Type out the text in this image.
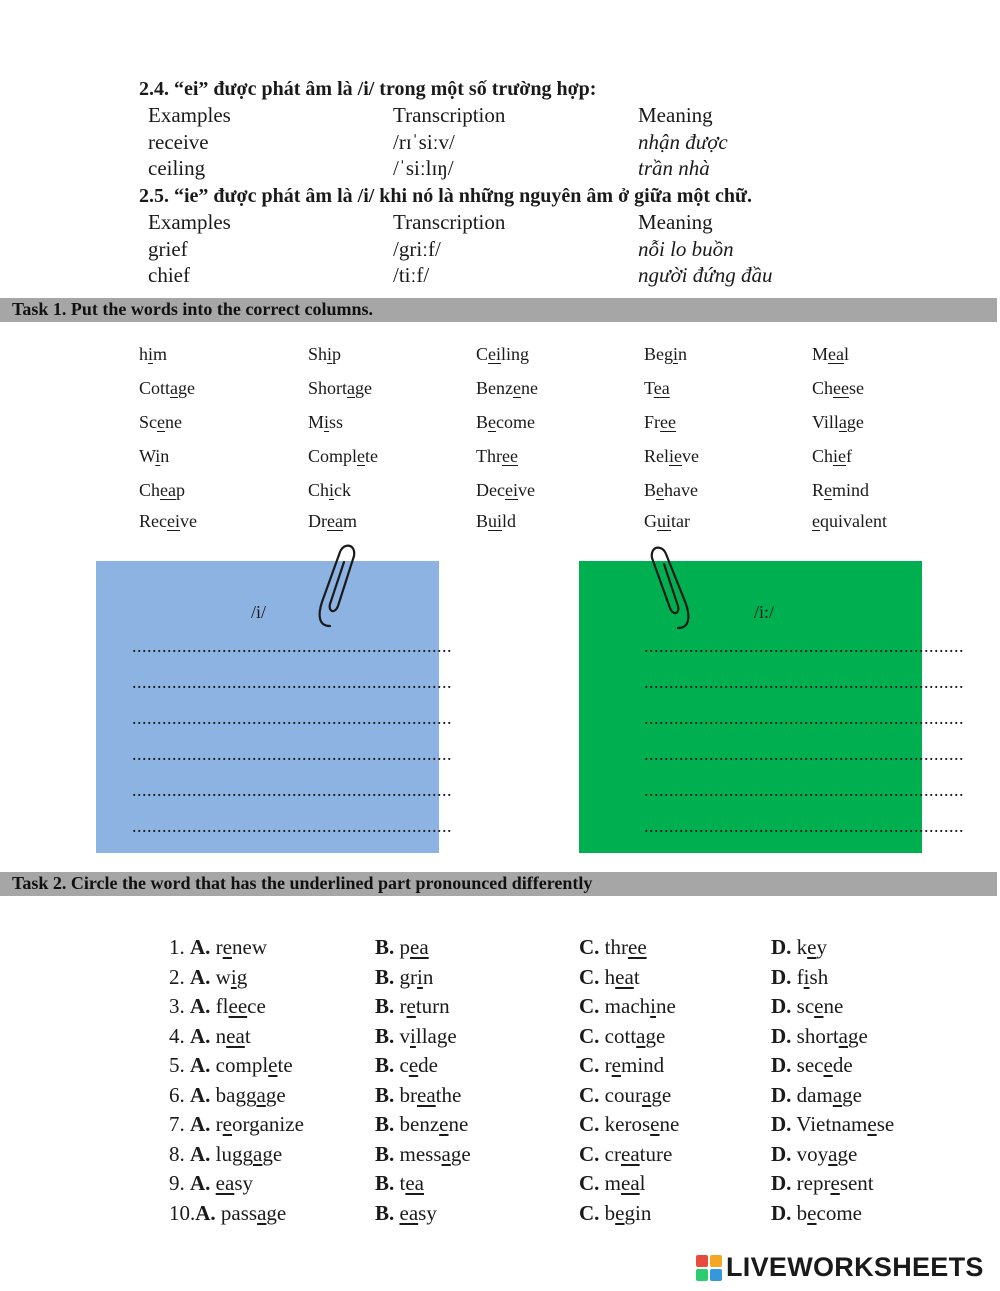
2.4. “ei” được phát âm là /i/ trong một số trường hợp:
Examples	Transcription	Meaning
receive	/rɪˈsiːv/	nhận được
ceiling	/ˈsiːlɪŋ/	trần nhà
2.5. “ie” được phát âm là /i/ khi nó là những nguyên âm ở giữa một chữ.
Examples	Transcription	Meaning
grief	/griːf/	nỗi lo buồn
chief	/tiːf/	người đứng đầu
Task 1. Put the words into the correct columns.
him	Ship	Ceiling	Begin	Meal
Cottage	Shortage	Benzene	Tea	Cheese
Scene	Miss	Become	Free	Village
Win	Complete	Three	Relieve	Chief
Cheap	Chick	Deceive	Behave	Remind
Receive	Dream	Build	Guitar	equivalent
/i/
................................................................
................................................................
................................................................
................................................................
................................................................
................................................................
/i:/
................................................................
................................................................
................................................................
................................................................
................................................................
................................................................
Task 2. Circle the word that has the underlined part pronounced differently
1. A. renew	B. pea	C. three	D. key
2. A. wig	B. grin	C. heat	D. fish
3. A. fleece	B. return	C. machine	D. scene
4. A. neat	B. village	C. cottage	D. shortage
5. A. complete	B. cede	C. remind	D. secede
6. A. baggage	B. breathe	C. courage	D. damage
7. A. reorganize	B. benzene	C. kerosene	D. Vietnamese
8. A. luggage	B. message	C. creature	D. voyage
9. A. easy	B. tea	C. meal	D. represent
10.A. passage	B. easy	C. begin	D. become
LIVEWORKSHEETS
